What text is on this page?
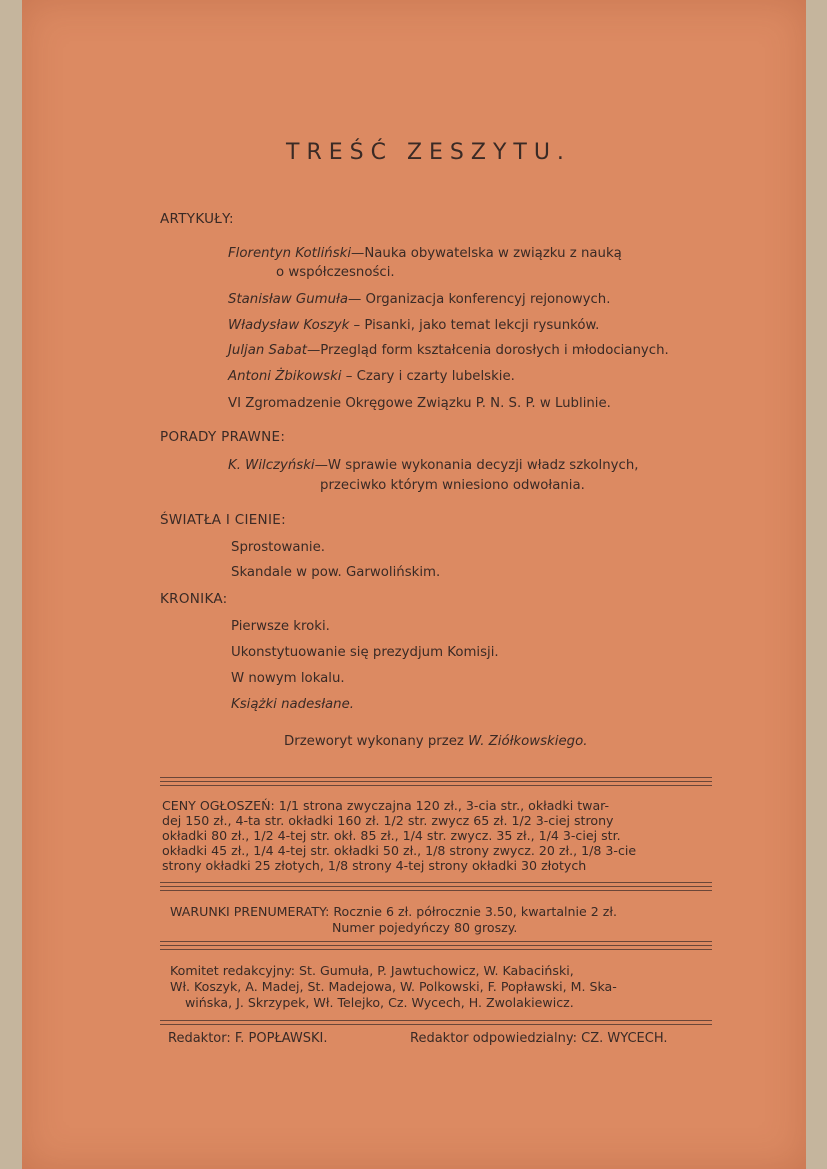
TREŚĆ ZESZYTU.
ARTYKUŁY:
Florentyn Kotliński—Nauka obywatelska w związku z nauką
o współczesności.
Stanisław Gumuła— Organizacja konferencyj rejonowych.
Władysław Koszyk – Pisanki, jako temat lekcji rysunków.
Juljan Sabat—Przegląd form kształcenia dorosłych i młodocianych.
Antoni Żbikowski – Czary i czarty lubelskie.
VI Zgromadzenie Okręgowe Związku P. N. S. P. w Lublinie.
PORADY PRAWNE:
K. Wilczyński—W sprawie wykonania decyzji władz szkolnych,
przeciwko którym wniesiono odwołania.
ŚWIATŁA I CIENIE:
Sprostowanie.
Skandale w pow. Garwolińskim.
KRONIKA:
Pierwsze kroki.
Ukonstytuowanie się prezydjum Komisji.
W nowym lokalu.
Książki nadesłane.
Drzeworyt wykonany przez W. Ziółkowskiego.
CENY OGŁOSZEŃ: 1/1 strona zwyczajna 120 zł., 3-cia str., okładki twar-
dej 150 zł., 4-ta str. okładki 160 zł. 1/2 str. zwycz 65 zł. 1/2 3-ciej strony
okładki 80 zł., 1/2 4-tej str. okł. 85 zł., 1/4 str. zwycz. 35 zł., 1/4 3-ciej str.
okładki 45 zł., 1/4 4-tej str. okładki 50 zł., 1/8 strony zwycz. 20 zł., 1/8 3-cie
strony okładki 25 złotych, 1/8 strony 4-tej strony okładki 30 złotych
WARUNKI PRENUMERATY: Rocznie 6 zł. półrocznie 3.50, kwartalnie 2 zł.
Numer pojedyńczy 80 groszy.
Komitet redakcyjny: St. Gumuła, P. Jawtuchowicz, W. Kabaciński,
Wł. Koszyk, A. Madej, St. Madejowa, W. Polkowski, F. Popławski, M. Ska-
wińska, J. Skrzypek, Wł. Telejko, Cz. Wycech, H. Zwolakiewicz.
Redaktor: F. POPŁAWSKI.	Redaktor odpowiedzialny: CZ. WYCECH.
